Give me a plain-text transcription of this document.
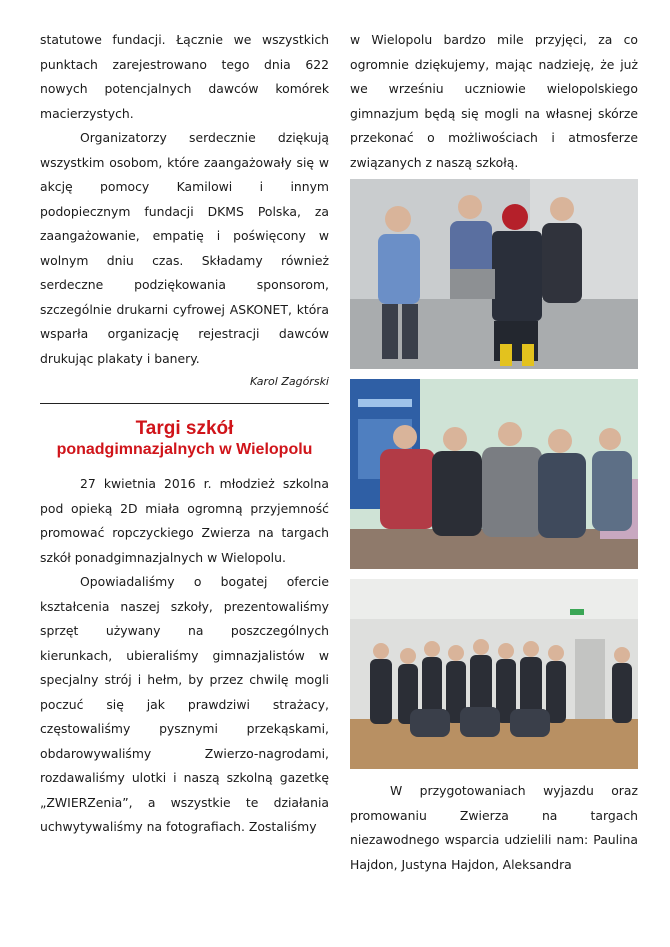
statutowe fundacji. Łącznie we wszystkich punktach zarejestrowano tego dnia 622 nowych potencjalnych dawców komórek macierzystych.

Organizatorzy serdecznie dziękują wszystkim osobom, które zaangażowały się w akcję pomocy Kamilowi i innym podopiecznym fundacji DKMS Polska, za zaangażowanie, empatię i poświęcony w wolnym dniu czas. Składamy również serdeczne podziękowania sponsorom, szczególnie drukarni cyfrowej ASKONET, która wsparła organizację rejestracji dawców drukując plakaty i banery.

Karol Zagórski
Targi szkół
ponadgimnazjalnych w Wielopolu

27 kwietnia 2016 r. młodzież szkolna pod opieką 2D miała ogromną przyjemność promować ropczyckiego Zwierza na targach szkół ponadgimnazjalnych w Wielopolu.

Opowiadaliśmy o bogatej ofercie kształcenia naszej szkoły, prezentowaliśmy sprzęt używany na poszczególnych kierunkach, ubieraliśmy gimnazjalistów w specjalny strój i hełm, by przez chwilę mogli poczuć się jak prawdziwi strażacy, częstowaliśmy pysznymi przekąskami, obdarowywaliśmy Zwierzo-nagrodami, rozdawaliśmy ulotki i naszą szkolną gazetkę „ZWIERZenia”, a wszystkie te działania uchwytywaliśmy na fotografiach. Zostaliśmy

w Wielopolu bardzo mile przyjęci, za co ogromnie dziękujemy, mając nadzieję, że już we wrześniu uczniowie wielopolskiego gimnazjum będą się mogli na własnej skórze przekonać o możliwościach i atmosferze związanych z naszą szkołą.

W przygotowaniach wyjazdu oraz promowaniu Zwierza na targach niezawodnego wsparcia udzielili nam: Paulina Hajdon, Justyna Hajdon, Aleksandra
